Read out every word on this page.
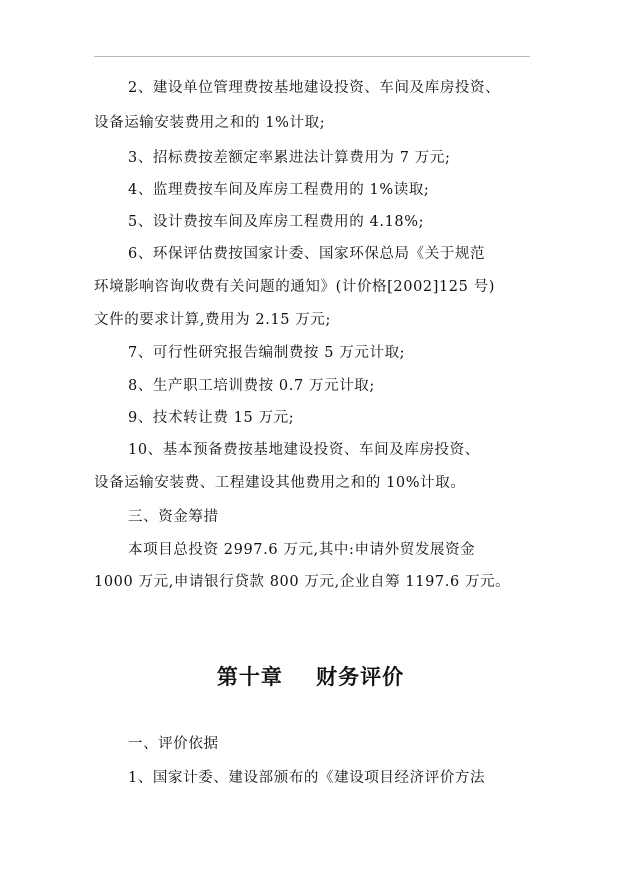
2、建设单位管理费按基地建设投资、车间及库房投资、
设备运输安装费用之和的 1%计取;
3、招标费按差额定率累进法计算费用为 7 万元;
4、监理费按车间及库房工程费用的 1%读取;
5、设计费按车间及库房工程费用的 4.18%;
6、环保评估费按国家计委、国家环保总局《关于规范
环境影响咨询收费有关问题的通知》(计价格[2002]125 号)
文件的要求计算,费用为 2.15 万元;
7、可行性研究报告编制费按 5 万元计取;
8、生产职工培训费按 0.7 万元计取;
9、技术转让费 15 万元;
10、基本预备费按基地建设投资、车间及库房投资、
设备运输安装费、工程建设其他费用之和的 10%计取。
三、资金筹措
本项目总投资 2997.6 万元,其中:申请外贸发展资金
1000 万元,申请银行贷款 800 万元,企业自筹 1197.6 万元。
第十章    财务评价
一、评价依据
1、国家计委、建设部颁布的《建设项目经济评价方法
